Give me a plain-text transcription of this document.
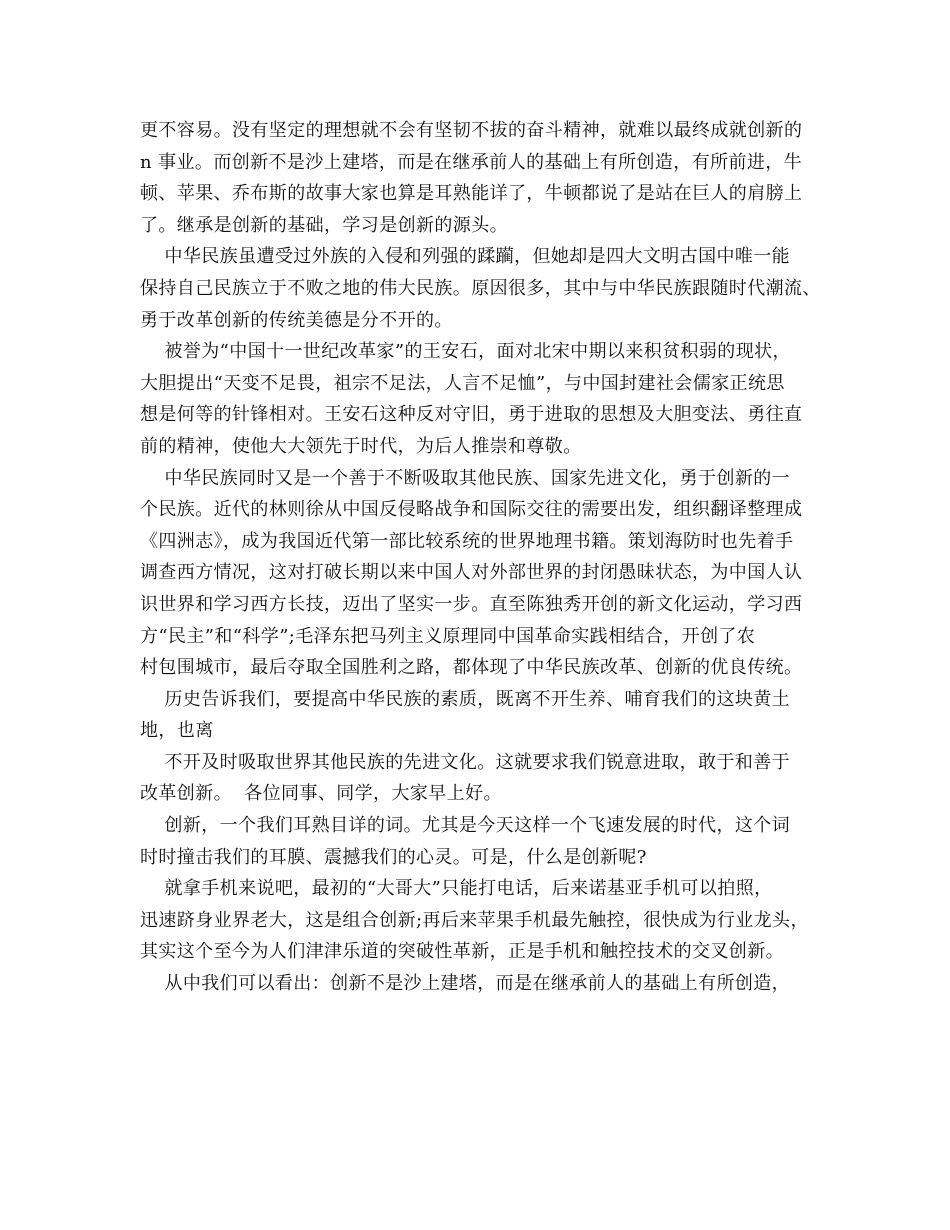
更不容易。没有坚定的理想就不会有坚韧不拔的奋斗精神，就难以最终成就创新的
n 事业。而创新不是沙上建塔，而是在继承前人的基础上有所创造，有所前进，牛
顿、苹果、乔布斯的故事大家也算是耳熟能详了，牛顿都说了是站在巨人的肩膀上
了。继承是创新的基础，学习是创新的源头。
中华民族虽遭受过外族的入侵和列强的蹂躏，但她却是四大文明古国中唯一能
保持自己民族立于不败之地的伟大民族。原因很多，其中与中华民族跟随时代潮流、
勇于改革创新的传统美德是分不开的。
被誉为“中国十一世纪改革家”的王安石，面对北宋中期以来积贫积弱的现状，
大胆提出“天变不足畏，祖宗不足法，人言不足恤”，与中国封建社会儒家正统思
想是何等的针锋相对。王安石这种反对守旧，勇于进取的思想及大胆变法、勇往直
前的精神，使他大大领先于时代，为后人推崇和尊敬。
中华民族同时又是一个善于不断吸取其他民族、国家先进文化，勇于创新的一
个民族。近代的林则徐从中国反侵略战争和国际交往的需要出发，组织翻译整理成
《四洲志》，成为我国近代第一部比较系统的世界地理书籍。策划海防时也先着手
调查西方情况，这对打破长期以来中国人对外部世界的封闭愚昧状态，为中国人认
识世界和学习西方长技，迈出了坚实一步。直至陈独秀开创的新文化运动，学习西
方“民主”和“科学”;毛泽东把马列主义原理同中国革命实践相结合，开创了农
村包围城市，最后夺取全国胜利之路，都体现了中华民族改革、创新的优良传统。
历史告诉我们，要提高中华民族的素质，既离不开生养、哺育我们的这块黄土
地，也离
不开及时吸取世界其他民族的先进文化。这就要求我们锐意进取，敢于和善于
改革创新。  各位同事、同学，大家早上好。
创新，一个我们耳熟目详的词。尤其是今天这样一个飞速发展的时代，这个词
时时撞击我们的耳膜、震撼我们的心灵。可是，什么是创新呢?
就拿手机来说吧，最初的“大哥大”只能打电话，后来诺基亚手机可以拍照，
迅速跻身业界老大，这是组合创新;再后来苹果手机最先触控，很快成为行业龙头，
其实这个至今为人们津津乐道的突破性革新，正是手机和触控技术的交叉创新。
从中我们可以看出：创新不是沙上建塔，而是在继承前人的基础上有所创造，
